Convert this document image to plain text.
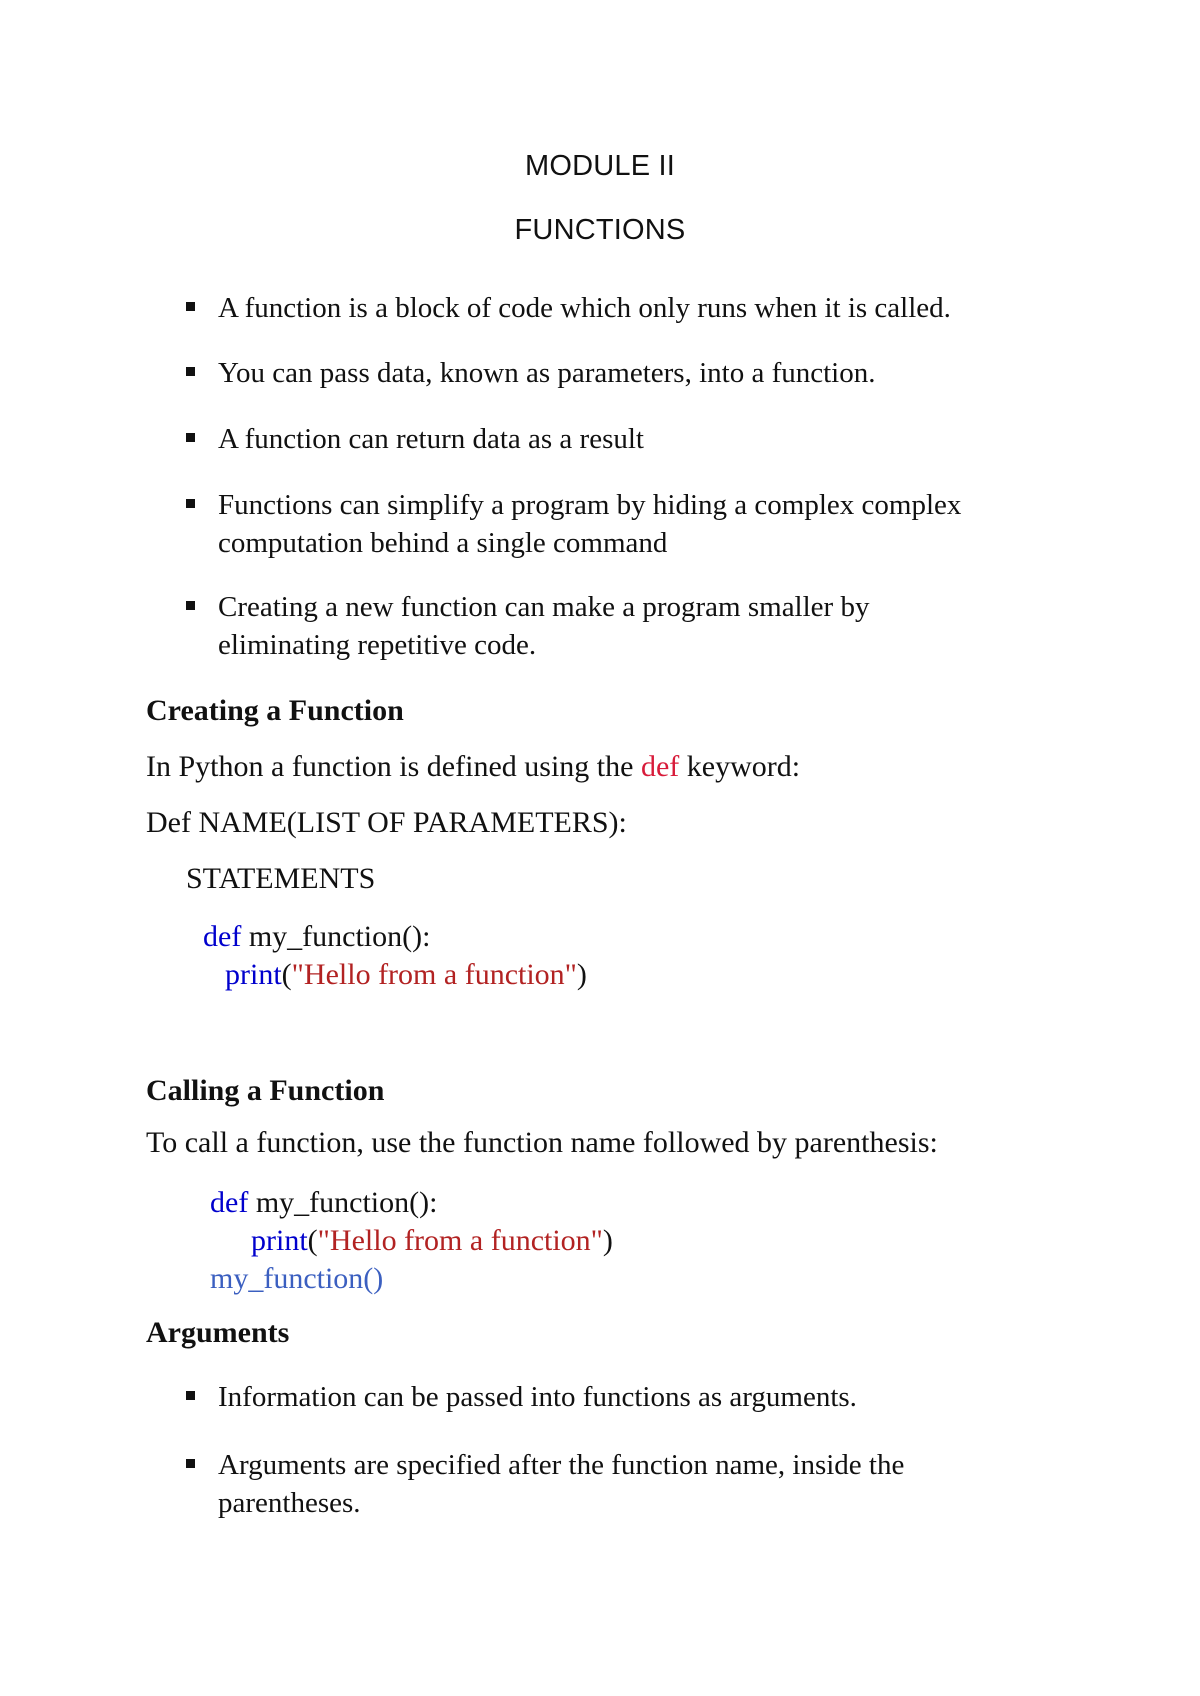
MODULE II
FUNCTIONS
A function is a block of code which only runs when it is called.
You can pass data, known as parameters, into a function.
A function can return data as a result
Functions can simplify a program by hiding a complex complex computation behind a single command
Creating a new function can make a program smaller by eliminating repetitive code.
Creating a Function
In Python a function is defined using the def keyword:
Def NAME(LIST OF PARAMETERS):
STATEMENTS
def my_function():
print("Hello from a function")
Calling a Function
To call a function, use the function name followed by parenthesis:
def my_function():
print("Hello from a function")
my_function()
Arguments
Information can be passed into functions as arguments.
Arguments are specified after the function name, inside the parentheses.
